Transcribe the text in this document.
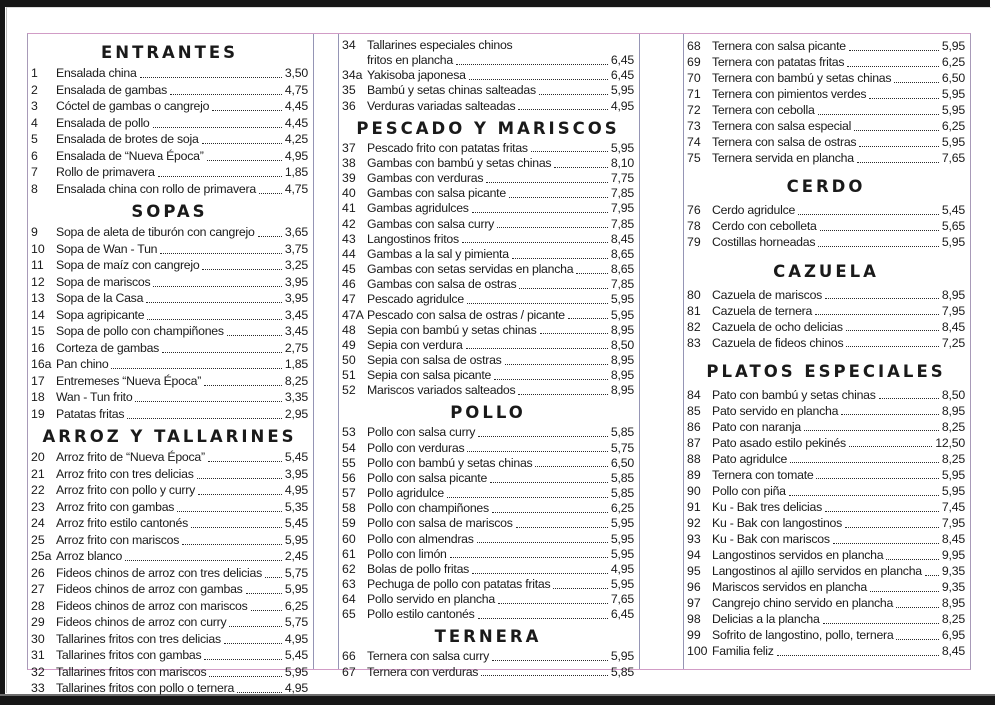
ENTRANTES
1	Ensalada china	3,50
2	Ensalada de gambas	4,75
3	Cóctel de gambas o cangrejo	4,45
4	Ensalada de pollo	4,45
5	Ensalada de brotes de soja	4,25
6	Ensalada de “Nueva Época”	4,95
7	Rollo de primavera	1,85
8	Ensalada china con rollo de primavera 4,75
SOPAS
9	Sopa de aleta de tiburón con cangrejo 3,65
10 Sopa de Wan - Tun	3,75
11 Sopa de maíz con cangrejo	3,25
12 Sopa de mariscos	3,95
13 Sopa de la Casa	3,95
14 Sopa agripicante	3,45
15 Sopa de pollo con champiñones	3,45
16 Corteza de gambas	2,75
16a Pan chino	1,85
17 Entremeses “Nueva Época”	8,25
18 Wan - Tun frito	3,35
19 Patatas fritas	2,95
ARROZ Y TALLARINES
20 Arroz frito de “Nueva Época”	5,45
21 Arroz frito con tres delicias	3,95
22 Arroz frito con pollo y curry	4,95
23 Arroz frito con gambas	5,35
24 Arroz frito estilo cantonés	5,45
25 Arroz frito con mariscos	5,95
25a Arroz blanco	2,45
26 Fideos chinos de arroz con tres delicias 5,75
27 Fideos chinos de arroz con gambas	5,95
28 Fideos chinos de arroz con mariscos	6,25
29 Fideos chinos de arroz con curry	5,75
30 Tallarines fritos con tres delicias	4,95
31 Tallarines fritos con gambas	5,45
32 Tallarines fritos con mariscos	5,95
33 Tallarines fritos con pollo o ternera	4,95
34 Tallarines especiales chinos
fritos en plancha	6,45
34a Yakisoba japonesa	6,45
35 Bambú y setas chinas salteadas	5,95
36 Verduras variadas salteadas	4,95
PESCADO Y MARISCOS
37 Pescado frito con patatas fritas	5,95
38 Gambas con bambú y setas chinas	8,10
39 Gambas con verduras	7,75
40 Gambas con salsa picante	7,85
41 Gambas agridulces	7,95
42 Gambas con salsa curry	7,85
43 Langostinos fritos	8,45
44 Gambas a la sal y pimienta	8,65
45 Gambas con setas servidas en plancha	8,65
46 Gambas con salsa de ostras	7,85
47 Pescado agridulce	5,95
47A Pescado con salsa de ostras / picante	5,95
48 Sepia con bambú y setas chinas	8,95
49 Sepia con verdura	8,50
50 Sepia con salsa de ostras	8,95
51 Sepia con salsa picante	8,95
52 Mariscos variados salteados	8,95
POLLO
53 Pollo con salsa curry	5,85
54 Pollo con verduras	5,75
55 Pollo con bambú y setas chinas	6,50
56 Pollo con salsa picante	5,85
57 Pollo agridulce	5,85
58 Pollo con champiñones	6,25
59 Pollo con salsa de mariscos	5,95
60 Pollo con almendras	5,95
61 Pollo con limón	5,95
62 Bolas de pollo fritas	4,95
63 Pechuga de pollo con patatas fritas	5,95
64 Pollo servido en plancha	7,65
65 Pollo estilo cantonés	6,45
TERNERA
66 Ternera con salsa curry	5,95
67 Ternera con verduras	5,85
68 Ternera con salsa picante	5,95
69 Ternera con patatas fritas	6,25
70 Ternera con bambú y setas chinas	6,50
71 Ternera con pimientos verdes	5,95
72 Ternera con cebolla	5,95
73 Ternera con salsa especial	6,25
74 Ternera con salsa de ostras	5,95
75 Ternera servida en plancha	7,65
CERDO
76 Cerdo agridulce	5,45
78 Cerdo con cebolleta	5,65
79 Costillas horneadas	5,95
CAZUELA
80 Cazuela de mariscos	8,95
81 Cazuela de ternera	7,95
82 Cazuela de ocho delicias	8,45
83 Cazuela de fideos chinos	7,25
PLATOS ESPECIALES
84 Pato con bambú y setas chinas	8,50
85 Pato servido en plancha	8,95
86 Pato con naranja	8,25
87 Pato asado estilo pekinés	12,50
88 Pato agridulce	8,25
89 Ternera con tomate	5,95
90 Pollo con piña	5,95
91 Ku - Bak tres delicias	7,45
92 Ku - Bak con langostinos	7,95
93 Ku - Bak con mariscos	8,45
94 Langostinos servidos en plancha	9,95
95 Langostinos al ajillo servidos en plancha 9,35
96 Mariscos servidos en plancha	9,35
97 Cangrejo chino servido en plancha	8,95
98 Delicias a la plancha	8,25
99 Sofrito de langostino, pollo, ternera	6,95
100 Familia feliz	8,45
